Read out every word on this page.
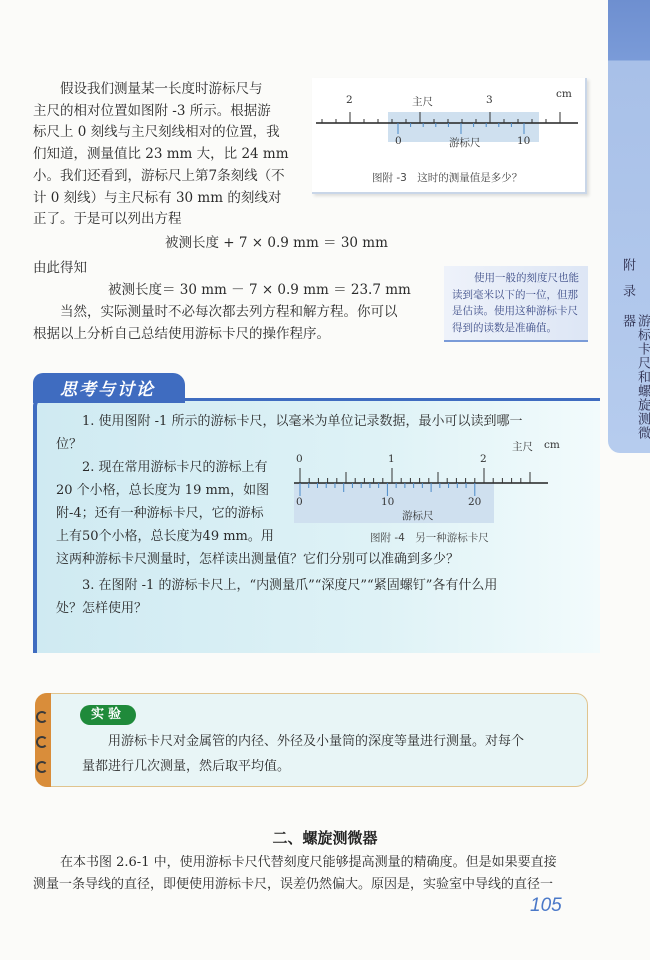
附
录
游标卡尺和螺旋测微器
假设我们测量某一长度时游标尺与
主尺的相对位置如图附 -3 所示。根据游
标尺上 0 刻线与主尺刻线相对的位置，我
们知道，测量值比 23 mm 大，比 24 mm
小。我们还看到，游标尺上第7条刻线（不
计 0 刻线）与主尺标有 30 mm 的刻线对
正了。于是可以列出方程
被测长度 + 7 × 0.9 mm ＝ 30 mm
由此得知
被测长度＝ 30 mm － 7 × 0.9 mm ＝ 23.7 mm
当然，实际测量时不必每次都去列方程和解方程。你可以
根据以上分析自己总结使用游标卡尺的操作程序。
2	主尺	3	cm
0	游标尺	10
图附 -3　这时的测量值是多少？
使用一般的刻度尺也能
读到毫米以下的一位，但那
是估读。使用这种游标卡尺
得到的读数是准确值。
思考与讨论
1. 使用图附 -1 所示的游标卡尺，以毫米为单位记录数据，最小可以读到哪一
位？
2. 现在常用游标卡尺的游标上有
20 个小格，总长度为 19 mm，如图
附-4；还有一种游标卡尺，它的游标
上有50个小格，总长度为49 mm。用
这两种游标卡尺测量时，怎样读出测量值？它们分别可以准确到多少？
3. 在图附 -1 的游标卡尺上，“内测量爪”“深度尺”“紧固螺钉”各有什么用
处？怎样使用？
主尺 cm
0	1	2
0	10	20
游标尺
图附 -4　另一种游标卡尺
实验
用游标卡尺对金属管的内径、外径及小量筒的深度等量进行测量。对每个
量都进行几次测量，然后取平均值。
二、螺旋测微器
在本书图 2.6-1 中，使用游标卡尺代替刻度尺能够提高测量的精确度。但是如果要直接
测量一条导线的直径，即便使用游标卡尺，误差仍然偏大。原因是，实验室中导线的直径一
105
